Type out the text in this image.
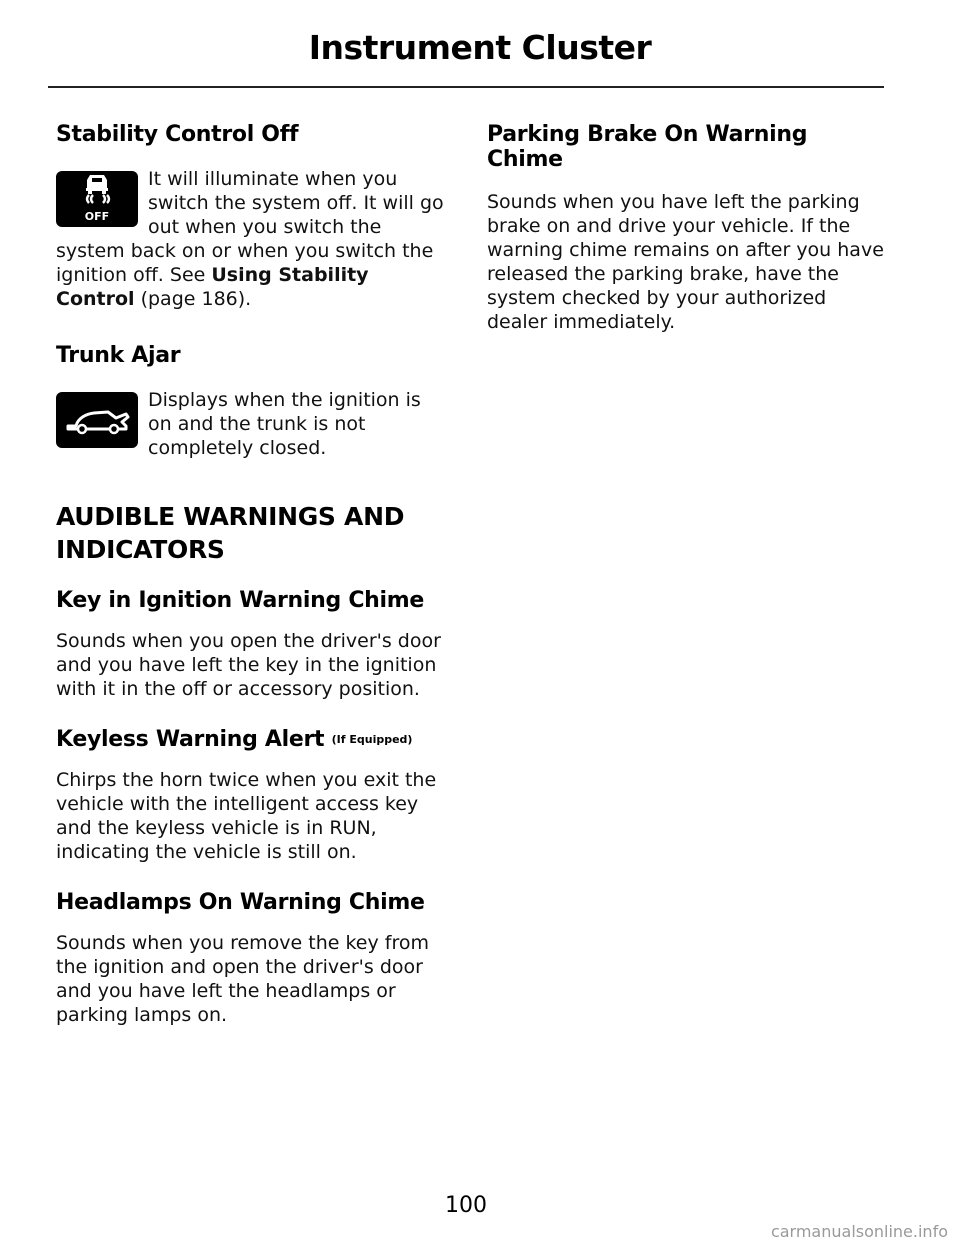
Instrument Cluster
Stability Control Off
OFF

It will illuminate when you switch the system off. It will go out when you switch the system back on or when you switch the ignition off. See Using Stability Control (page 186).

Trunk Ajar

Displays when the ignition is on and the trunk is not completely closed.

AUDIBLE WARNINGS AND INDICATORS
Key in Ignition Warning Chime

Sounds when you open the driver's door and you have left the key in the ignition with it in the off or accessory position.

Keyless Warning Alert (If Equipped)

Chirps the horn twice when you exit the vehicle with the intelligent access key and the keyless vehicle is in RUN, indicating the vehicle is still on.

Headlamps On Warning Chime

Sounds when you remove the key from the ignition and open the driver's door and you have left the headlamps or parking lamps on.

Parking Brake On Warning Chime

Sounds when you have left the parking brake on and drive your vehicle. If the warning chime remains on after you have released the parking brake, have the system checked by your authorized dealer immediately.

100
carmanualsonline.info
